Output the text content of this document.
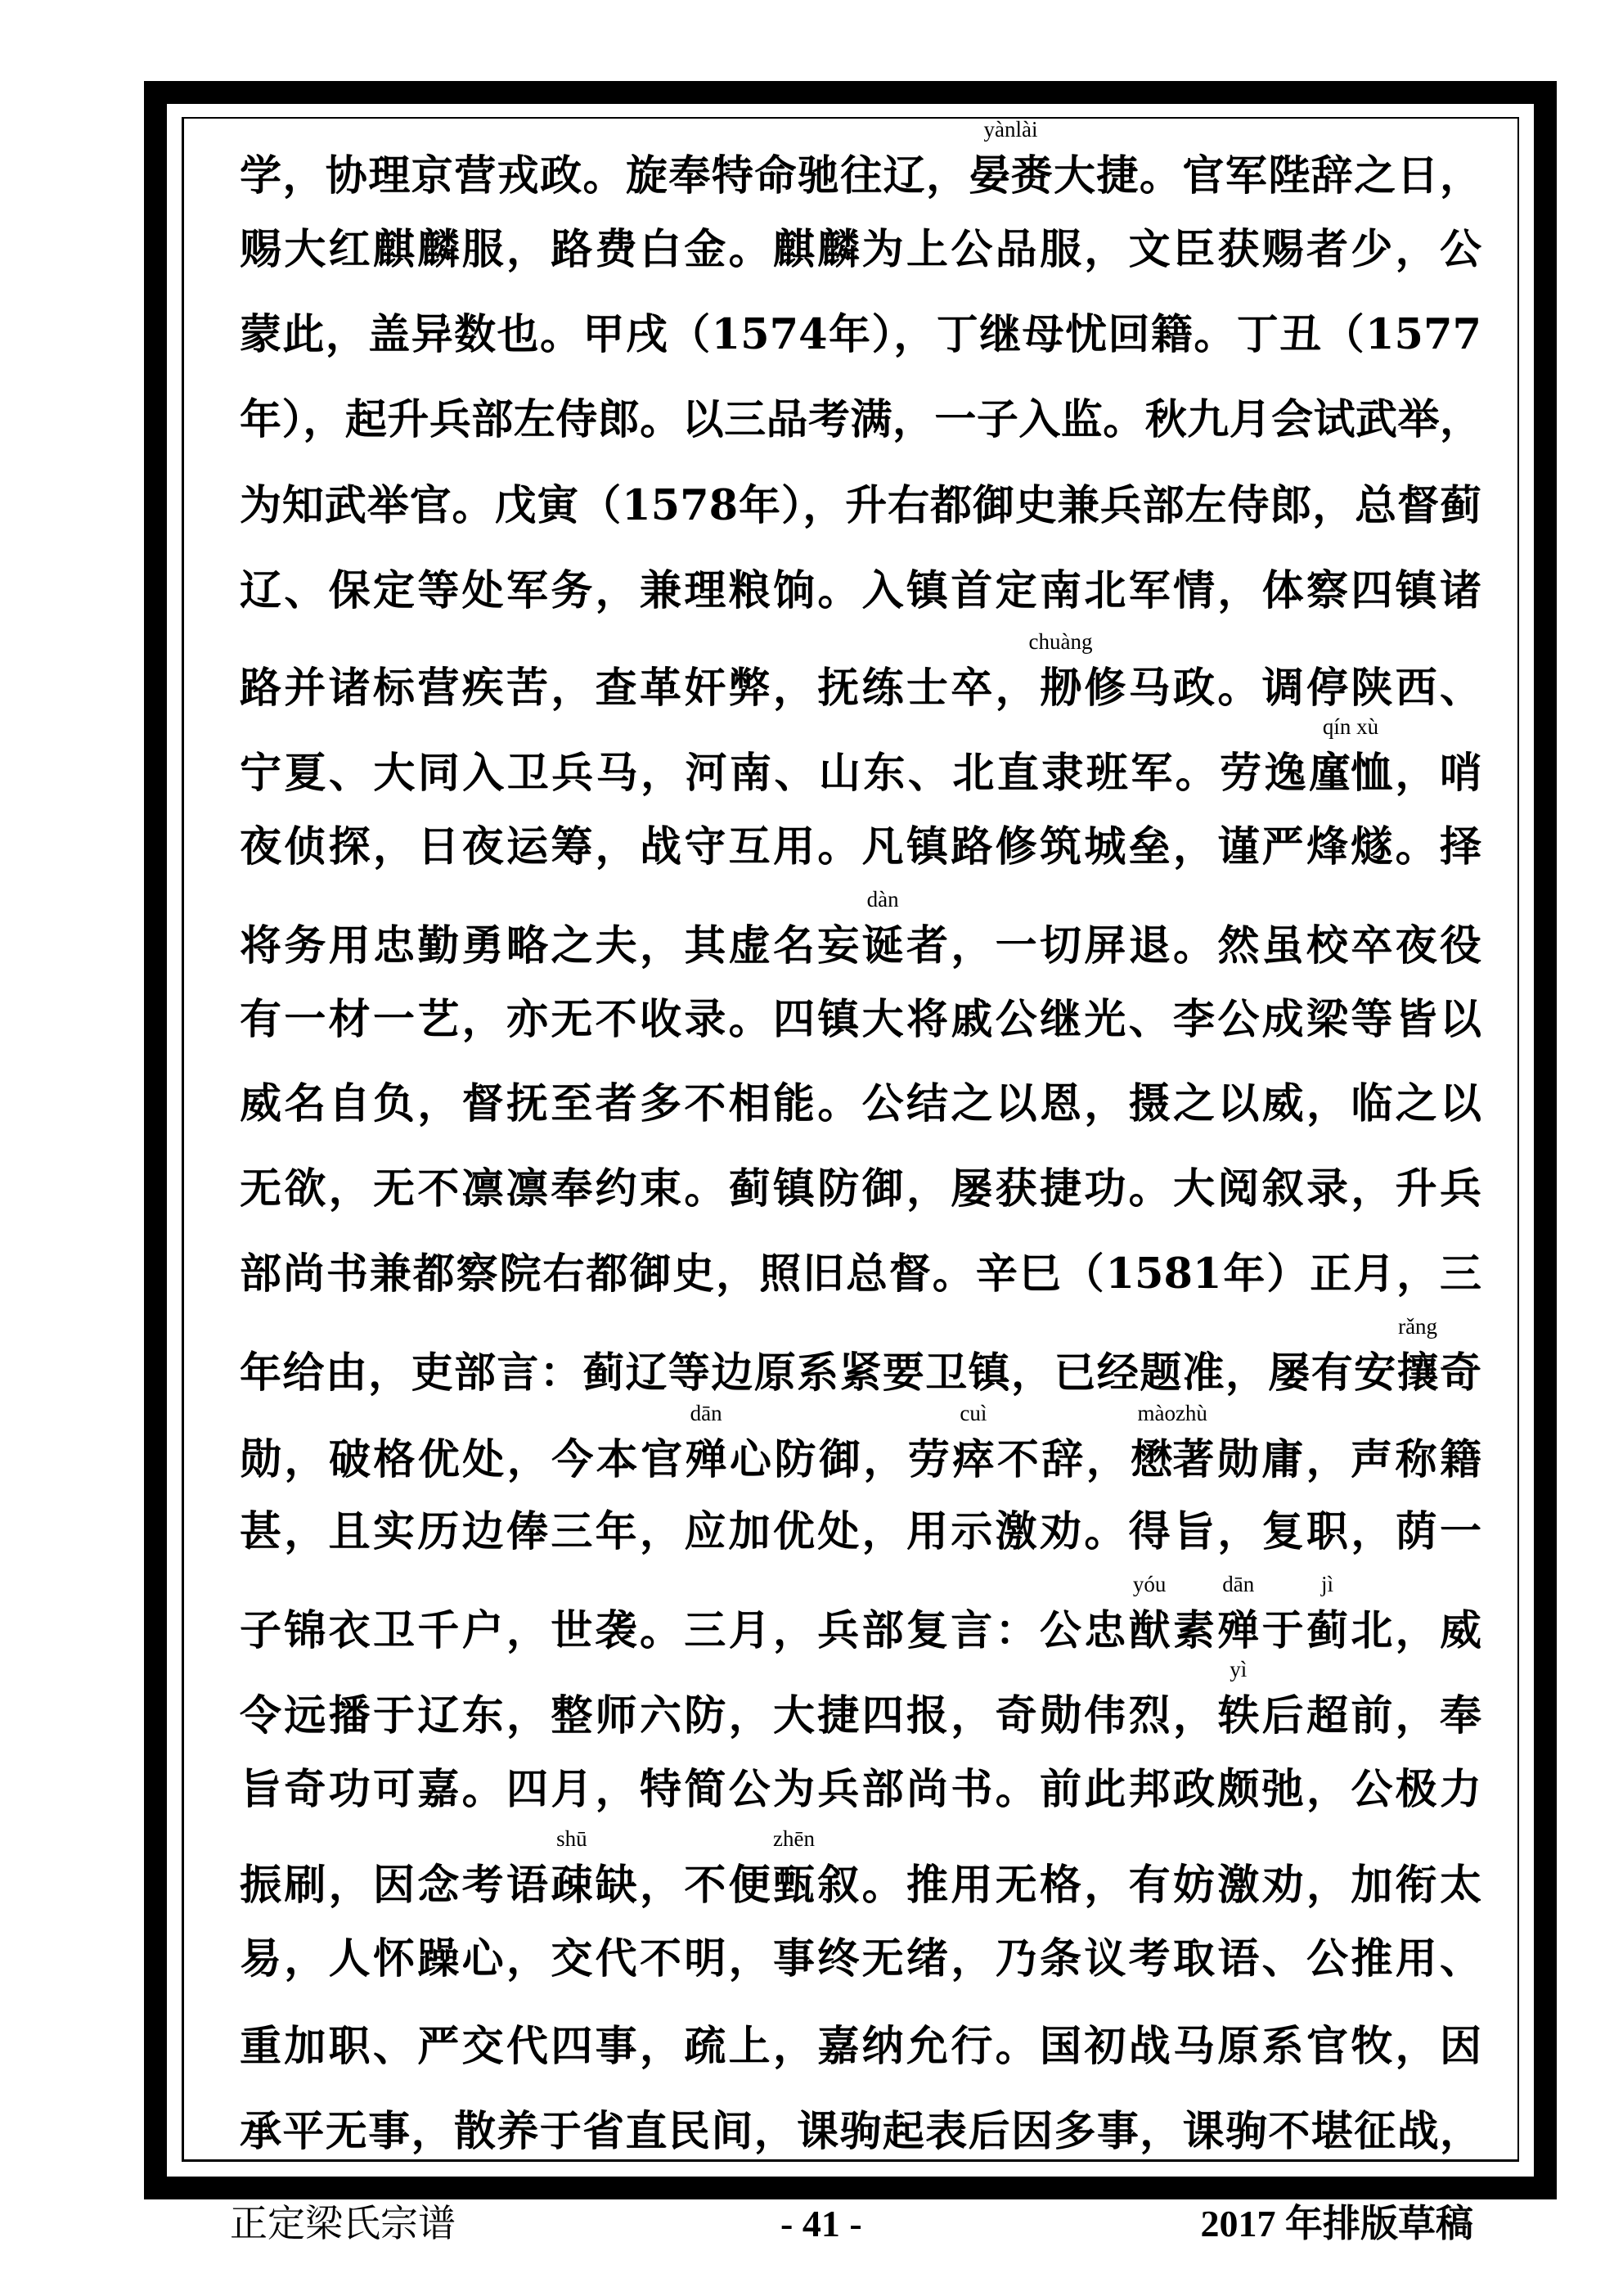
学，协理京营戎政。旋奉特命驰往辽，晏赉
yànlài
大捷。官军陛辞之日，
赐大红麒麟服，路费白金。麒麟为上公品服，文臣获赐者少，公
蒙此，盖异数也。甲戌（1574年），丁继母忧回籍。丁丑（1577
年），起升兵部左侍郎。以三品考满，一子入监。秋九月会试武举，
为知武举官。戊寅（1578年），升右都御史兼兵部左侍郎，总督蓟
辽、保定等处军务，兼理粮饷。入镇首定南北军情，体察四镇诸
路并诸标营疾苦，查革奸弊，抚练士卒，刱
chuàng
修马政。调停陕西、
宁夏、大同入卫兵马，河南、山东、北直隶班军。劳逸廑恤
qín xù
，哨
夜侦探，日夜运筹，战守互用。凡镇路修筑城垒，谨严烽燧。择
将务用忠勤勇略之夫，其虚名妄诞
dàn
者，一切屏退。然虽校卒夜役
有一材一艺，亦无不收录。四镇大将戚公继光、李公成梁等皆以
威名自负，督抚至者多不相能。公结之以恩，摄之以威，临之以
无欲，无不凛凛奉约束。蓟镇防御，屡获捷功。大阅叙录，升兵
部尚书兼都察院右都御史，照旧总督。辛巳（1581年）正月，三
年给由，吏部言：蓟辽等边原系紧要卫镇，已经题准，屡有安攘
rǎng
奇
勋，破格优处，今本官殚
dān
心防御，劳瘁
cuì
不辞，懋著
màozhù
勋庸，声称籍
甚，且实历边俸三年，应加优处，用示激劝。得旨，复职，荫一
子锦衣卫千户，世袭。三月，兵部复言：公忠猷
yóu
素殚
dān
于蓟
jì
北，威
令远播于辽东，整师六防，大捷四报，奇勋伟烈，轶
yì
后超前，奉
旨奇功可嘉。四月，特简公为兵部尚书。前此邦政颇弛，公极力
振刷，因念考语疎
shū
缺，不便甄
zhēn
叙。推用无格，有妨激劝，加衔太
易，人怀躁心，交代不明，事终无绪，乃条议考取语、公推用、
重加职、严交代四事，疏上，嘉纳允行。国初战马原系官牧，因
承平无事，散养于省直民间，课驹起表后因多事，课驹不堪征战，
正定梁氏宗谱	- 41 -	2017 年排版草稿
